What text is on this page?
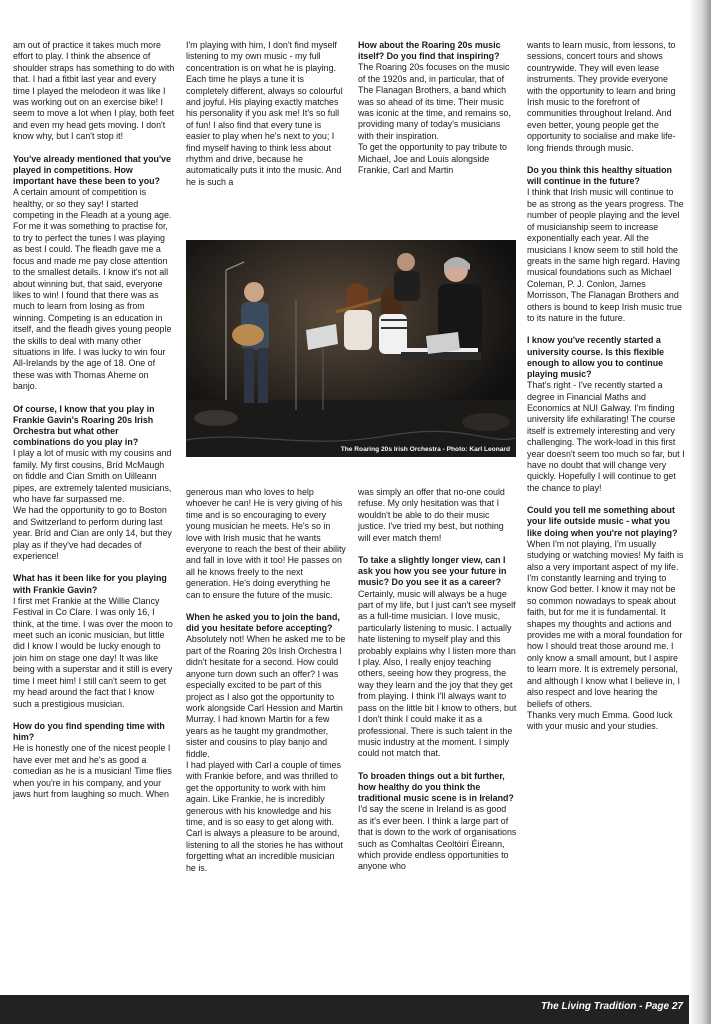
am out of practice it takes much more effort to play. I think the absence of shoulder straps has something to do with that. I had a fitbit last year and every time I played the melodeon it was like I was working out on an exercise bike! I seem to move a lot when I play, both feet and even my head gets moving. I don't know why, but I can't stop it!

You've already mentioned that you've played in competitions. How important have these been to you?

A certain amount of competition is healthy, or so they say! I started competing in the Fleadh at a young age. For me it was something to practise for, to try to perfect the tunes I was playing as best I could. The fleadh gave me a focus and made me pay close attention to the smallest details. I know it's not all about winning but, that said, everyone likes to win! I found that there was as much to learn from losing as from winning. Competing is an education in itself, and the fleadh gives young people the skills to deal with many other situations in life. I was lucky to win four All-Irelands by the age of 18. One of these was with Thomas Aherne on banjo.

Of course, I know that you play in Frankie Gavin's Roaring 20s Irish Orchestra but what other combinations do you play in?

I play a lot of music with my cousins and family. My first cousins, Bríd McMaugh on fiddle and Cian Smith on Uilleann pipes, are extremely talented musicians, who have far surpassed me.

We had the opportunity to go to Boston and Switzerland to perform during last year. Bríd and Cian are only 14, but they play as if they've had decades of experience!

What has it been like for you playing with Frankie Gavin?

I first met Frankie at the Willie Clancy Festival in Co Clare. I was only 16, I think, at the time. I was over the moon to meet such an iconic musician, but little did I know I would be lucky enough to join him on stage one day! It was like being with a superstar and it still is every time I meet him! I still can't seem to get my head around the fact that I know such a prestigious musician.

How do you find spending time with him?

He is honestly one of the nicest people I have ever met and he's as good a comedian as he is a musician! Time flies when you're in his company, and your jaws hurt from laughing so much. When

I'm playing with him, I don't find myself listening to my own music - my full concentration is on what he is playing. Each time he plays a tune it is completely different, always so colourful and joyful. His playing exactly matches his personality if you ask me! It's so full of fun! I also find that every tune is easier to play when he's next to you; I find myself having to think less about rhythm and drive, because he automatically puts it into the music. And he is such a

How about the Roaring 20s music itself? Do you find that inspiring?

The Roaring 20s focuses on the music of the 1920s and, in particular, that of The Flanagan Brothers, a band which was so ahead of its time. Their music was iconic at the time, and remains so, providing many of today's musicians with their inspiration.

To get the opportunity to pay tribute to Michael, Joe and Louis alongside Frankie, Carl and Martin

The Roaring 20s Irish Orchestra - Photo: Karl Leonard

generous man who loves to help whoever he can! He is very giving of his time and is so encouraging to every young musician he meets. He's so in love with Irish music that he wants everyone to reach the best of their ability and fall in love with it too! He passes on all he knows freely to the next generation. He's doing everything he can to ensure the future of the music.

When he asked you to join the band, did you hesitate before accepting?

Absolutely not! When he asked me to be part of the Roaring 20s Irish Orchestra I didn't hesitate for a second. How could anyone turn down such an offer? I was especially excited to be part of this project as I also got the opportunity to work alongside Carl Hession and Martin Murray. I had known Martin for a few years as he taught my grandmother, sister and cousins to play banjo and fiddle.

I had played with Carl a couple of times with Frankie before, and was thrilled to get the opportunity to work with him again. Like Frankie, he is incredibly generous with his knowledge and his time, and is so easy to get along with. Carl is always a pleasure to be around, listening to all the stories he has without forgetting what an incredible musician he is.

was simply an offer that no-one could refuse. My only hesitation was that I wouldn't be able to do their music justice. I've tried my best, but nothing will ever match them!

To take a slightly longer view, can I ask you how you see your future in music? Do you see it as a career?

Certainly, music will always be a huge part of my life, but I just can't see myself as a full-time musician. I love music, particularly listening to music. I actually hate listening to myself play and this probably explains why I listen more than I play. Also, I really enjoy teaching others, seeing how they progress, the way they learn and the joy that they get from playing. I think I'll always want to pass on the little bit I know to others, but I don't think I could make it as a professional. There is such talent in the music industry at the moment. I simply could not match that.

To broaden things out a bit further, how healthy do you think the traditional music scene is in Ireland?

I'd say the scene in Ireland is as good as it's ever been. I think a large part of that is down to the work of organisations such as Comhaltas Ceoltóirí Éireann, which provide endless opportunities to anyone who

wants to learn music, from lessons, to sessions, concert tours and shows countrywide. They will even lease instruments. They provide everyone with the opportunity to learn and bring Irish music to the forefront of communities throughout Ireland. And even better, young people get the opportunity to socialise and make life-long friends through music.

Do you think this healthy situation will continue in the future?

I think that Irish music will continue to be as strong as the years progress. The number of people playing and the level of musicianship seem to increase exponentially each year. All the musicians I know seem to still hold the greats in the same high regard. Having musical foundations such as Michael Coleman, P. J. Conlon, James Morrisson, The Flanagan Brothers and others is bound to keep Irish music true to its nature in the future.

I know you've recently started a university course. Is this flexible enough to allow you to continue playing music?

That's right - I've recently started a degree in Financial Maths and Economics at NUI Galway. I'm finding university life exhilarating! The course itself is extremely interesting and very challenging. The work-load in this first year doesn't seem too much so far, but I have no doubt that will change very quickly. Hopefully I will continue to get the chance to play!

Could you tell me something about your life outside music - what you like doing when you're not playing?

When I'm not playing, I'm usually studying or watching movies! My faith is also a very important aspect of my life. I'm constantly learning and trying to know God better. I know it may not be so common nowadays to speak about faith, but for me it is fundamental. It shapes my thoughts and actions and provides me with a moral foundation for how I should treat those around me. I only know a small amount, but I aspire to learn more. It is extremely personal, and although I know what I believe in, I also respect and love hearing the beliefs of others.

Thanks very much Emma. Good luck with your music and your studies.

The Living Tradition - Page 27
